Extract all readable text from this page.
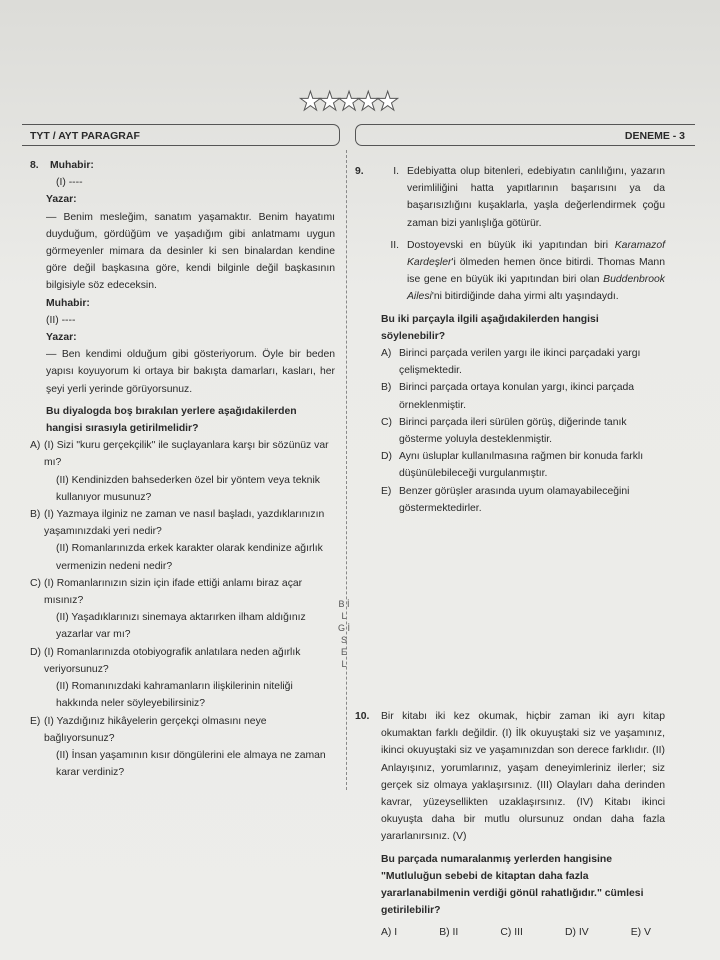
★★★★★
TYT / AYT PARAGRAF	DENEME - 3
B İ L G İ S E L
8. Muhabir:
(I) ----
Yazar:
— Benim mesleğim, sanatım yaşamaktır. Benim hayatımı duyduğum, gördüğüm ve yaşadığım gibi anlatmamı uygun görmeyenler mimara da desinler ki sen binalardan kendine göre değil başkasına göre, kendi bilginle değil başkasının bilgisiyle söz edeceksin.
Muhabir:
(II) ----
Yazar:
— Ben kendimi olduğum gibi gösteriyorum. Öyle bir beden yapısı koyuyorum ki ortaya bir bakışta damarları, kasları, her şeyi yerli yerinde görüyorsunuz.
Bu diyalogda boş bırakılan yerlere aşağıdakilerden hangisi sırasıyla getirilmelidir?
A) (I) Sizi "kuru gerçekçilik" ile suçlayanlara karşı bir sözünüz var mı?
(II) Kendinizden bahsederken özel bir yöntem veya teknik kullanıyor musunuz?
B) (I) Yazmaya ilginiz ne zaman ve nasıl başladı, yazdıklarınızın yaşamınızdaki yeri nedir?
(II) Romanlarınızda erkek karakter olarak kendinize ağırlık vermenizin nedeni nedir?
C) (I) Romanlarınızın sizin için ifade ettiği anlamı biraz açar mısınız?
(II) Yaşadıklarınızı sinemaya aktarırken ilham aldığınız yazarlar var mı?
D) (I) Romanlarınızda otobiyografik anlatılara neden ağırlık veriyorsunuz?
(II) Romanınızdaki kahramanların ilişkilerinin niteliği hakkında neler söyleyebilirsiniz?
E) (I) Yazdığınız hikâyelerin gerçekçi olmasını neye bağlıyorsunuz?
(II) İnsan yaşamının kısır döngülerini ele almaya ne zaman karar verdiniz?
9.	I. Edebiyatta olup bitenleri, edebiyatın canlılığını, yazarın verimliliğini hatta yapıtlarının başarısını ya da başarısızlığını kuşaklarla, yaşla değerlendirmek çoğu zaman bizi yanlışlığa götürür.
II. Dostoyevski en büyük iki yapıtından biri Karamazof Kardeşler'i ölmeden hemen önce bitirdi. Thomas Mann ise gene en büyük iki yapıtından biri olan Buddenbrook Ailesi'ni bitirdiğinde daha yirmi altı yaşındaydı.
Bu iki parçayla ilgili aşağıdakilerden hangisi söylenebilir?
A) Birinci parçada verilen yargı ile ikinci parçadaki yargı çelişmektedir.
B) Birinci parçada ortaya konulan yargı, ikinci parçada örneklenmiştir.
C) Birinci parçada ileri sürülen görüş, diğerinde tanık gösterme yoluyla desteklenmiştir.
D) Aynı üsluplar kullanılmasına rağmen bir konuda farklı düşünülebileceği vurgulanmıştır.
E) Benzer görüşler arasında uyum olamayabileceğini göstermektedirler.
10.	Bir kitabı iki kez okumak, hiçbir zaman iki ayrı kitap okumaktan farklı değildir. (I) İlk okuyuştaki siz ve yaşamınız, ikinci okuyuştaki siz ve yaşamınızdan son derece farklıdır. (II) Anlayışınız, yorumlarınız, yaşam deneyimleriniz ilerler; siz gerçek siz olmaya yaklaşırsınız. (III) Olayları daha derinden kavrar, yüzeysellikten uzaklaşırsınız. (IV) Kitabı ikinci okuyuşta daha bir mutlu olursunuz ondan daha fazla yararlanırsınız. (V)
Bu parçada numaralanmış yerlerden hangisine "Mutluluğun sebebi de kitaptan daha fazla yararlanabilmenin verdiği gönül rahatlığıdır." cümlesi getirilebilir?
A) I	B) II	C) III	D) IV	E) V
